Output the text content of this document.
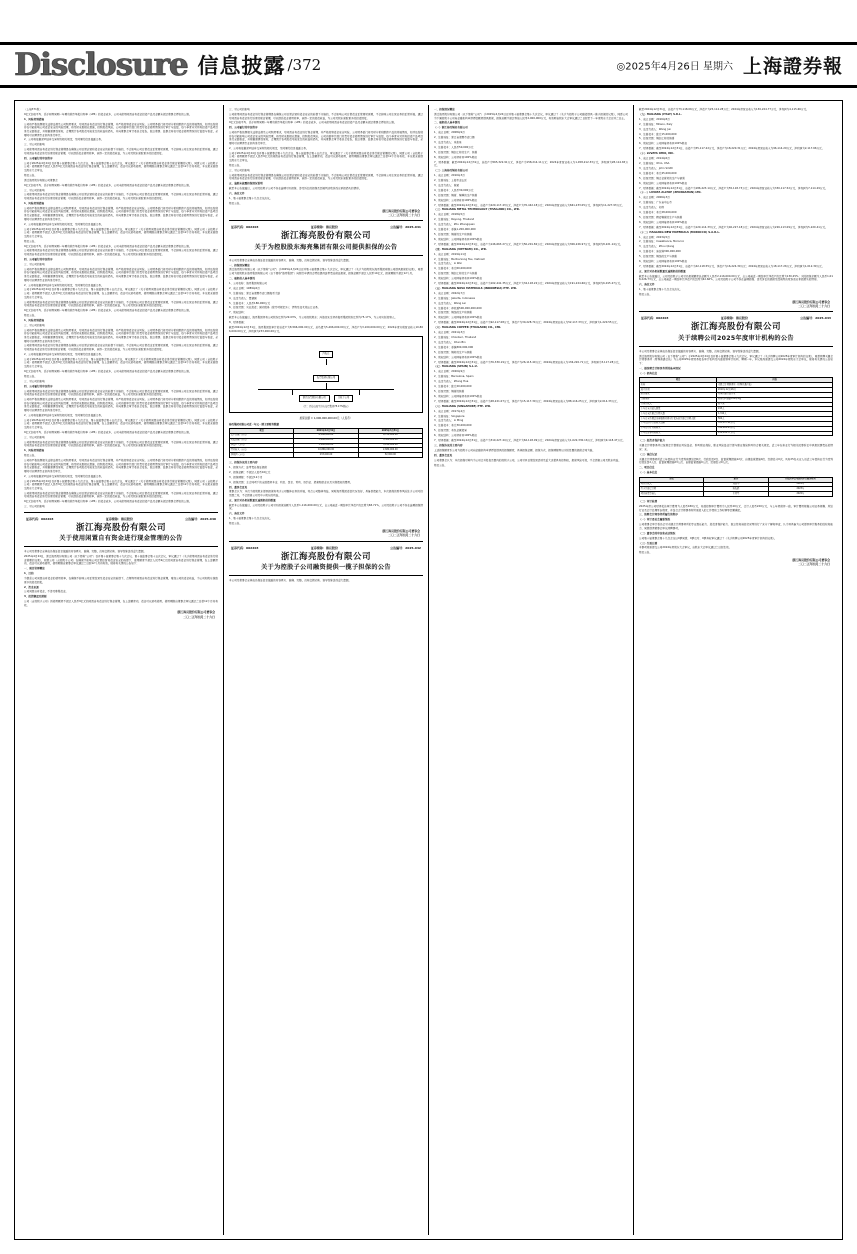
Disclosure 信息披露 /372	◎2025年4月26日 星期六 上海證券報

（上接371版）

9亿元加权平均、高于同等同期一年期贷款市场报价利率（LPR）的资金成本，公司未使用闲置自有资金投资产品及金额未超过董事会授权的上限。

1、风险控制措施

公司将严格按照相关法律法规及公司制度要求，对闲置自有资金进行现金管理，并严格控制资金安全风险。公司财务部门将及时分析和跟踪产品的进展情况，如评估发现存在可能影响公司资金安全的风险因素，将及时采取相应措施，控制投资风险。公司内部审计部门负责对资金使用情况进行审计与监督，每个季度末对所有投资产品项目进行全面检查，并根据谨慎性原则，合理预计各项投资可能发生的收益和损失，并向董事会审计委员会报告。独立董事、监事会有权对资金使用情况进行监督与检查，必要时可以聘请专业机构进行审计。

2、公司将依据深圳证券交易所的相关规定，及时履行信息披露义务。

三、对公司的影响

公司使用闲置自有资金进行现金管理是在确保公司日常运营和资金安全的前提下实施的，不会影响公司日常资金正常周转需要，不会影响公司主营业务的正常开展。通过对闲置自有资金进行适度的现金管理，可以提高资金使用效率，获得一定的投资收益，为公司及股东谋取更多的投资回报。

四、公司履行的审议程序

公司于2025年4月24日召开第十届董事会第十九次会议、第十届监事会第十五次会议，审议通过了《关于使用闲置自有资金进行现金管理的议案》，同意公司（含控股子公司）使用额度不超过人民币9亿元的闲置自有资金进行现金管理，在上述额度内，资金可以滚动使用，使用期限自董事会审议通过之日起12个月内有效。本议案无需提交股东大会审议。

特此公告。

浙江海亮股份有限公司董事会

9亿元加权平均、高于同等同期一年期贷款市场报价利率（LPR）的资金成本，公司未使用闲置自有资金投资产品及金额未超过董事会授权的上限。

三、对公司的影响

公司使用闲置自有资金进行现金管理是在确保公司日常运营和资金安全的前提下实施的，不会影响公司日常资金正常周转需要，不会影响公司主营业务的正常开展。通过对闲置自有资金进行适度的现金管理，可以提高资金使用效率，获得一定的投资收益，为公司及股东谋取更多的投资回报。

1、风险控制措施

公司将严格按照相关法律法规及公司制度要求，对闲置自有资金进行现金管理，并严格控制资金安全风险。公司财务部门将及时分析和跟踪产品的进展情况，如评估发现存在可能影响公司资金安全的风险因素，将及时采取相应措施，控制投资风险。公司内部审计部门负责对资金使用情况进行审计与监督，每个季度末对所有投资产品项目进行全面检查，并根据谨慎性原则，合理预计各项投资可能发生的收益和损失，并向董事会审计委员会报告。独立董事、监事会有权对资金使用情况进行监督与检查，必要时可以聘请专业机构进行审计。

2、公司将依据深圳证券交易所的相关规定，及时履行信息披露义务。

公司于2025年4月24日召开第十届董事会第十九次会议、第十届监事会第十五次会议，审议通过了《关于使用闲置自有资金进行现金管理的议案》，同意公司（含控股子公司）使用额度不超过人民币9亿元的闲置自有资金进行现金管理，在上述额度内，资金可以滚动使用，使用期限自董事会审议通过之日起12个月内有效。本议案无需提交股东大会审议。

特此公告。

9亿元加权平均、高于同等同期一年期贷款市场报价利率（LPR）的资金成本，公司未使用闲置自有资金投资产品及金额未超过董事会授权的上限。

公司使用闲置自有资金进行现金管理是在确保公司日常运营和资金安全的前提下实施的，不会影响公司日常资金正常周转需要，不会影响公司主营业务的正常开展。通过对闲置自有资金进行适度的现金管理，可以提高资金使用效率，获得一定的投资收益，为公司及股东谋取更多的投资回报。

四、公司履行的审议程序

三、对公司的影响

公司将严格按照相关法律法规及公司制度要求，对闲置自有资金进行现金管理，并严格控制资金安全风险。公司财务部门将及时分析和跟踪产品的进展情况，如评估发现存在可能影响公司资金安全的风险因素，将及时采取相应措施，控制投资风险。公司内部审计部门负责对资金使用情况进行审计与监督，每个季度末对所有投资产品项目进行全面检查，并根据谨慎性原则，合理预计各项投资可能发生的收益和损失，并向董事会审计委员会报告。独立董事、监事会有权对资金使用情况进行监督与检查，必要时可以聘请专业机构进行审计。

2、公司将依据深圳证券交易所的相关规定，及时履行信息披露义务。

公司于2025年4月24日召开第十届董事会第十九次会议、第十届监事会第十五次会议，审议通过了《关于使用闲置自有资金进行现金管理的议案》，同意公司（含控股子公司）使用额度不超过人民币9亿元的闲置自有资金进行现金管理，在上述额度内，资金可以滚动使用，使用期限自董事会审议通过之日起12个月内有效。本议案无需提交股东大会审议。

公司使用闲置自有资金进行现金管理是在确保公司日常运营和资金安全的前提下实施的，不会影响公司日常资金正常周转需要，不会影响公司主营业务的正常开展。通过对闲置自有资金进行适度的现金管理，可以提高资金使用效率，获得一定的投资收益，为公司及股东谋取更多的投资回报。

9亿元加权平均、高于同等同期一年期贷款市场报价利率（LPR）的资金成本，公司未使用闲置自有资金投资产品及金额未超过董事会授权的上限。

特此公告。

1、风险控制措施

三、对公司的影响

公司将严格按照相关法律法规及公司制度要求，对闲置自有资金进行现金管理，并严格控制资金安全风险。公司财务部门将及时分析和跟踪产品的进展情况，如评估发现存在可能影响公司资金安全的风险因素，将及时采取相应措施，控制投资风险。公司内部审计部门负责对资金使用情况进行审计与监督，每个季度末对所有投资产品项目进行全面检查，并根据谨慎性原则，合理预计各项投资可能发生的收益和损失，并向董事会审计委员会报告。独立董事、监事会有权对资金使用情况进行监督与检查，必要时可以聘请专业机构进行审计。

公司使用闲置自有资金进行现金管理是在确保公司日常运营和资金安全的前提下实施的，不会影响公司日常资金正常周转需要，不会影响公司主营业务的正常开展。通过对闲置自有资金进行适度的现金管理，可以提高资金使用效率，获得一定的投资收益，为公司及股东谋取更多的投资回报。

2、公司将依据深圳证券交易所的相关规定，及时履行信息披露义务。

公司于2025年4月24日召开第十届董事会第十九次会议、第十届监事会第十五次会议，审议通过了《关于使用闲置自有资金进行现金管理的议案》，同意公司（含控股子公司）使用额度不超过人民币9亿元的闲置自有资金进行现金管理，在上述额度内，资金可以滚动使用，使用期限自董事会审议通过之日起12个月内有效。本议案无需提交股东大会审议。

9亿元加权平均、高于同等同期一年期贷款市场报价利率（LPR）的资金成本，公司未使用闲置自有资金投资产品及金额未超过董事会授权的上限。

特此公告。

三、对公司的影响

四、公司履行的审议程序

公司使用闲置自有资金进行现金管理是在确保公司日常运营和资金安全的前提下实施的，不会影响公司日常资金正常周转需要，不会影响公司主营业务的正常开展。通过对闲置自有资金进行适度的现金管理，可以提高资金使用效率，获得一定的投资收益，为公司及股东谋取更多的投资回报。

公司将严格按照相关法律法规及公司制度要求，对闲置自有资金进行现金管理，并严格控制资金安全风险。公司财务部门将及时分析和跟踪产品的进展情况，如评估发现存在可能影响公司资金安全的风险因素，将及时采取相应措施，控制投资风险。公司内部审计部门负责对资金使用情况进行审计与监督，每个季度末对所有投资产品项目进行全面检查，并根据谨慎性原则，合理预计各项投资可能发生的收益和损失，并向董事会审计委员会报告。独立董事、监事会有权对资金使用情况进行监督与检查，必要时可以聘请专业机构进行审计。

2、公司将依据深圳证券交易所的相关规定，及时履行信息披露义务。

公司于2025年4月24日召开第十届董事会第十九次会议、第十届监事会第十五次会议，审议通过了《关于使用闲置自有资金进行现金管理的议案》，同意公司（含控股子公司）使用额度不超过人民币9亿元的闲置自有资金进行现金管理，在上述额度内，资金可以滚动使用，使用期限自董事会审议通过之日起12个月内有效。本议案无需提交股东大会审议。

9亿元加权平均、高于同等同期一年期贷款市场报价利率（LPR）的资金成本，公司未使用闲置自有资金投资产品及金额未超过董事会授权的上限。

三、对公司的影响

公司使用闲置自有资金进行现金管理是在确保公司日常运营和资金安全的前提下实施的，不会影响公司日常资金正常周转需要，不会影响公司主营业务的正常开展。通过对闲置自有资金进行适度的现金管理，可以提高资金使用效率，获得一定的投资收益，为公司及股东谋取更多的投资回报。

1、风险控制措施

特此公告。

公司将严格按照相关法律法规及公司制度要求，对闲置自有资金进行现金管理，并严格控制资金安全风险。公司财务部门将及时分析和跟踪产品的进展情况，如评估发现存在可能影响公司资金安全的风险因素，将及时采取相应措施，控制投资风险。公司内部审计部门负责对资金使用情况进行审计与监督，每个季度末对所有投资产品项目进行全面检查，并根据谨慎性原则，合理预计各项投资可能发生的收益和损失，并向董事会审计委员会报告。独立董事、监事会有权对资金使用情况进行监督与检查，必要时可以聘请专业机构进行审计。

2、公司将依据深圳证券交易所的相关规定，及时履行信息披露义务。

公司于2025年4月24日召开第十届董事会第十九次会议、第十届监事会第十五次会议，审议通过了《关于使用闲置自有资金进行现金管理的议案》，同意公司（含控股子公司）使用额度不超过人民币9亿元的闲置自有资金进行现金管理，在上述额度内，资金可以滚动使用，使用期限自董事会审议通过之日起12个月内有效。本议案无需提交股东大会审议。

公司使用闲置自有资金进行现金管理是在确保公司日常运营和资金安全的前提下实施的，不会影响公司日常资金正常周转需要，不会影响公司主营业务的正常开展。通过对闲置自有资金进行适度的现金管理，可以提高资金使用效率，获得一定的投资收益，为公司及股东谋取更多的投资回报。

9亿元加权平均、高于同等同期一年期贷款市场报价利率（LPR）的资金成本，公司未使用闲置自有资金投资产品及金额未超过董事会授权的上限。

三、对公司的影响

证券代码：002203	证券简称：海亮股份	公告编号：2025-040
浙江海亮股份有限公司
关于使用闲置自有资金进行现金管理的公告

本公司及董事会全体成员保证信息披露的内容真实、准确、完整，没有虚假记载、误导性陈述或重大遗漏。

2025年4月24日，浙江海亮股份有限公司（以下简称"公司"）召开第十届董事会第十九次会议、第十届监事会第十五次会议，审议通过了《关于使用闲置自有资金进行现金管理的议案》，同意公司（含控股子公司）在确保不影响公司正常经营和资金安全的前提下，使用额度不超过人民币9亿元的闲置自有资金进行现金管理，在上述额度内，资金可以滚动使用，使用期限自董事会审议通过之日起12个月内有效。现将有关情况公告如下：

一、现金管理概述

1、目的

为提高公司闲置自有资金的使用效率，在确保不影响公司正常经营及资金安全的前提下，合理利用闲置自有资金进行现金管理，增加公司的资金收益，为公司和股东谋取更多的投资回报。

2、资金来源

公司闲置自有资金，不涉及募集资金。

3、投资额度及期限

公司（含控股子公司）拟使用额度不超过人民币9亿元的闲置自有资金进行现金管理，在上述额度内，资金可以滚动使用。使用期限自董事会审议通过之日起12个月内有效。

浙江海亮股份有限公司董事会
二〇二五年四月二十六日

三、对公司的影响

公司使用闲置自有资金进行现金管理是在确保公司日常运营和资金安全的前提下实施的，不会影响公司日常资金正常周转需要，不会影响公司主营业务的正常开展。通过对闲置自有资金进行适度的现金管理，可以提高资金使用效率，获得一定的投资收益，为公司及股东谋取更多的投资回报。

9亿元加权平均、高于同等同期一年期贷款市场报价利率（LPR）的资金成本，公司未使用闲置自有资金投资产品及金额未超过董事会授权的上限。

四、公司履行的审议程序

公司将严格按照相关法律法规及公司制度要求，对闲置自有资金进行现金管理，并严格控制资金安全风险。公司财务部门将及时分析和跟踪产品的进展情况，如评估发现存在可能影响公司资金安全的风险因素，将及时采取相应措施，控制投资风险。公司内部审计部门负责对资金使用情况进行审计与监督，每个季度末对所有投资产品项目进行全面检查，并根据谨慎性原则，合理预计各项投资可能发生的收益和损失，并向董事会审计委员会报告。独立董事、监事会有权对资金使用情况进行监督与检查，必要时可以聘请专业机构进行审计。

2、公司将依据深圳证券交易所的相关规定，及时履行信息披露义务。

公司于2025年4月24日召开第十届董事会第十九次会议、第十届监事会第十五次会议，审议通过了《关于使用闲置自有资金进行现金管理的议案》，同意公司（含控股子公司）使用额度不超过人民币9亿元的闲置自有资金进行现金管理，在上述额度内，资金可以滚动使用，使用期限自董事会审议通过之日起12个月内有效。本议案无需提交股东大会审议。

特此公告。

三、对公司的影响

公司使用闲置自有资金进行现金管理是在确保公司日常运营和资金安全的前提下实施的，不会影响公司日常资金正常周转需要，不会影响公司主营业务的正常开展。通过对闲置自有资金进行适度的现金管理，可以提高资金使用效率，获得一定的投资收益，为公司及股东谋取更多的投资回报。

五、逾期未披露担保情况说明

截至本公告披露日，公司及控股子公司不存在逾期对外担保、涉及诉讼的担保及因被判决败诉而应承担损失的情形。

六、备查文件

1、第十届董事会第十九次会议决议。

特此公告。

浙江海亮股份有限公司董事会
二〇二五年四月二十六日
证券代码：002203	证券简称：海亮股份	公告编号：2025-041
浙江海亮股份有限公司
关于为控股股东海亮集团有限公司提供担保的公告

本公司及董事会全体成员保证信息披露的内容真实、准确、完整，没有虚假记载、误导性陈述或重大遗漏。

一、担保情况概述

浙江海亮股份有限公司（以下简称"公司"）于2025年4月24日召开第十届董事会第十九次会议，审议通过了《关于为控股股东海亮集团有限公司提供担保的议案》，同意公司为控股股东海亮集团有限公司（以下简称"海亮集团"）向银行申请综合授信提供连带责任保证担保，担保金额不超过人民币10亿元，担保期限不超过12个月。

二、被担保人基本情况

1、公司名称：海亮集团有限公司

2、成立日期：1989年6月

3、注册地址：浙江省诸暨市店口镇海亮大道

4、法定代表人：曹建国

5、注册资本：人民币180,000万元

6、经营范围：实业投资；国内贸易（除专项规定外）；货物及技术进出口业务。

7、股权结构：

截至本公告披露日，海亮集团持有公司股份比例为29.03%，为公司控股股东；冯海良先生持有海亮集团股份比例为75.17%，为公司实际控制人。

8、财务数据：

截至2024年12月31日，海亮集团经审计的总资产为8,566,000.00万元，总负债为5,466,000.00万元，净资产为3,100,000.00万元；2024年度实现营业收入10,866,000.00万元，净利润为233,000.00万元。

冯海良
海亮集团有限公司
浙江海亮股份有限公司	其他子公司
（注：冯海良先生持有海亮集团75.17%股权）
担保总额 = 1,000,000,000.00元（人民币）
海亮集团有限公司近一年又一期主要财务数据
项目	2024年12月31日	2025年3月31日
资产总额（万元）	8,566,000.00	8,720,000.00
负债总额（万元）	5,466,000.00	5,580,000.00
净资产（万元）	3,100,000.00	3,140,000.00
营业收入（万元）	10,866,000.00	2,680,000.00
净利润（万元）	233,000.00	52,000.00

三、担保协议的主要内容

1、担保方式：连带责任保证担保

2、担保金额：不超过人民币10亿元

3、担保期限：不超过12个月

4、担保范围：主合同项下的全部债务本金、利息、罚息、复利、违约金、损害赔偿金以及实现债权的费用。

四、董事会意见

董事会认为：本次为控股股东提供担保有利于公司整体业务的开展，符合公司整体利益，同时海亮集团资信状况良好，具备偿债能力，本次担保的财务风险处于公司可控范围之内，不会损害公司及中小股东的利益。

五、累计对外担保数量及逾期担保的数量

截至本公告披露日，公司及控股子公司对外担保总额为人民币1,116,000.00万元，占公司最近一期经审计净资产的比例为68.71%。公司及控股子公司不存在逾期担保情况。

六、备查文件

1、第十届董事会第十九次会议决议。

特此公告。

浙江海亮股份有限公司董事会
二〇二五年四月二十六日
证券代码：002203	证券简称：海亮股份	公告编号：2025-042
浙江海亮股份有限公司
关于为控股子公司融资提供一揽子担保的公告

本公司及董事会全体成员保证信息披露的内容真实、准确、完整，没有虚假记载、误导性陈述或重大遗漏。

一、担保情况概述

浙江海亮股份有限公司（以下简称"公司"）于2025年4月24日召开第十届董事会第十九次会议，审议通过了《关于为控股子公司融资提供一揽子担保的议案》，同意公司为下属控股子公司向金融机构申请授信额度提供担保，担保总额不超过等值人民币2,000,000万元，有效期自股东大会审议通过之日起至下一年度股东大会召开之日止。

二、被担保人基本情况

（一）浙江海亮铜业有限公司

1、成立日期：2008年9月

2、注册地址：浙江省诸暨市店口镇

3、法定代表人：朱张泉

4、注册资本：人民币50,000万元

5、经营范围：铜加工材的生产、销售

6、股权结构：公司持有其100%股权

7、财务数据：截至2024年12月31日，总资产为565,322.91万元，净资产为158,214.11万元；2024年度营业收入为1,458,212.33万元，净利润为28,114.65万元。

（二）上海海亮铜业有限公司

1、成立日期：2010年3月

2、注册地址：上海市金山区

3、法定代表人：陈斌

4、注册资本：人民币30,000万元

5、经营范围：铜管、铜棒的生产销售

6、股权结构：公司持有其100%股权

7、财务数据：截至2024年12月31日，总资产为220,117.43万元，净资产为70,442.18万元；2024年度营业收入为661,233.05万元，净利润为11,227.93万元。

（三）HAILIANG METAL TECHNOLOGY (THAILAND) CO., LTD.

1、成立日期：2018年5月

2、注册地址：Rayong, Thailand

3、法定代表人：Zhu Zhangquan

4、注册资本：泰铢1,200,000,000

5、经营范围：铜管的生产和销售

6、股权结构：公司间接持有其100%股权

7、财务数据：截至2024年12月31日，总资产为146,663.27万元，净资产为50,201.82万元；2024年度营业收入为306,226.97万元，净利润为8,221.14万元。

（四）HAILIANG (VIETNAM) CO., LTD.

1、成立日期：2019年11月

2、注册地址：Ba Ria-Vung Tau, Vietnam

3、法定代表人：Li Wei

4、注册资本：美元60,000,000

5、经营范围：铜加工材的生产与销售

6、股权结构：公司间接持有其100%股权

7、财务数据：截至2024年12月31日，总资产为102,441.35万元，净资产为34,118.22万元；2024年度营业收入为191,224.66万元，净利润为6,015.27万元。

（五）HAILIANG NOVA MATERIALS (INDONESIA) PTE. LTD.

1、成立日期：2022年7月

2、注册地址：Jakarta, Indonesia

3、法定代表人：Wang Lei

4、注册资本：印尼盾500,000,000,000

5、经营范围：铜箔的生产和销售

6、股权结构：公司间接持有其100%股权

7、财务数据：截至2024年12月31日，总资产为92,117.08万元，净资产为30,228.74万元；2024年度营业收入为52,117.33万元，净利润为1,220.55万元。

（六）HAILIANG COPPER (THAILAND) CO., LTD.

1、成立日期：2021年3月

2、注册地址：Chonburi, Thailand

3、法定代表人：Chen Bin

4、注册资本：泰铢800,000,000

5、经营范围：铜材的生产与销售

6、股权结构：公司间接持有其100%股权

7、财务数据：截至2024年12月31日，总资产为76,330.19万元，净资产为26,115.40万元；2024年度营业收入为136,220.71万元，净利润为3,117.28万元。

（七）HAILIANG (SPAIN) S.L.U.

1、成立日期：2020年9月

2、注册地址：Barcelona, Spain

3、法定代表人：Zhang Hua

4、注册资本：欧元20,000,000

5、经营范围：铜管的销售

6、股权结构：公司间接持有其100%股权

7、财务数据：截至2024年12月31日，总资产为48,221.07万元，净资产为15,117.30万元；2024年度营业收入为88,116.25万元，净利润为2,014.33万元。

（八）HAILIANG (SINGAPORE) PTE. LTD.

1、成立日期：2017年4月

2、注册地址：Singapore

3、法定代表人：Li Ming

4、注册资本：美元30,000,000

5、经营范围：有色金属贸易

6、股权结构：公司持有其100%股权

7、财务数据：截至2024年12月31日，总资产为310,227.44万元，净资产为62,118.09万元；2024年度营业收入为1,022,330.16万元，净利润为9,118.47万元。

三、担保协议的主要内容

上述担保额度系公司为控股子公司向金融机构申请授信提供的担保额度，具体担保金额、担保方式、担保期限等以实际签署的担保合同为准。

四、董事会意见

公司董事会认为：本次担保对象均为公司合并报表范围内的控股子公司，公司对其日常经营活动及重大决策具有控制权，担保风险可控，不会损害公司及股东利益。

特此公告。

截至2024年12月31日，总资产为73,118.06万元，净资产为25,114.28万元；2024年度营业收入为130,224.77万元，净利润为4,115.66万元。

（九）HAILIANG (ITALY) S.R.L.

1、成立日期：2016年8月

2、注册地址：Milano, Italy

3、法定代表人：Wang Jun

4、注册资本：欧元15,000,000

5、经营范围：铜加工材的销售

6、股权结构：公司间接持有其100%股权

7、财务数据：截至2024年12月31日，总资产为55,117.22万元，净资产为18,220.31万元；2024年度营业收入为96,114.20万元，净利润为2,117.66万元。

（十）LUVATA OHIO, INC.

1、成立日期：2014年6月

2、注册地址：Ohio, USA

3、法定代表人：John Smith

4、注册资本：美元45,000,000

5、经营范围：铜合金管材的生产与销售

6、股权结构：公司间接持有其100%股权

7、财务数据：截至2024年12月31日，总资产为186,223.14万元，净资产为55,118.73万元；2024年度营业收入为330,117.52万元，净利润为7,114.29万元。

（十一）LUVATA ALLTOP (ZHONGSHAN) LTD.

1、成立日期：2006年3月

2、注册地址：广东省中山市

3、法定代表人：刘伟

4、注册资本：美元28,000,000

5、经营范围：精密铜管的生产与销售

6、股权结构：公司间接持有其100%股权

7、财务数据：截至2024年12月31日，总资产为120,114.33万元，净资产为40,227.18万元；2024年度营业收入为226,113.09万元，净利润为5,220.41万元。

（十二）HAILIANG NEW MATERIALS (MOROCCO) S.A.R.L.

1、成立日期：2023年5月

2、注册地址：Casablanca, Morocco

3、法定代表人：Zhou Qiang

4、注册资本：迪拉姆300,000,000

5、经营范围：铜箔的生产与销售

6、股权结构：公司间接持有其100%股权

7、财务数据：截至2024年12月31日，总资产为42,118.55万元，净资产为16,224.30万元；2024年度营业收入为18,117.26万元，净利润为1,012.39万元。

五、累计对外担保数量及逾期担保的数量

截至本公告披露日，公司及控股子公司对外担保额度总金额为人民币2,116,000.00万元，占公司最近一期经审计净资产的比例为130.25%；实际担保余额为人民币1,018,226.73万元，占公司最近一期经审计净资产的比例为62.66%。公司及控股子公司不存在逾期担保、涉及诉讼的担保及因被判决败诉而应承担损失的情形。

六、备查文件

1、第十届董事会第十九次会议决议。

特此公告。

浙江海亮股份有限公司董事会
二〇二五年四月二十六日
证券代码：002203	证券简称：海亮股份	公告编号：2025-043
浙江海亮股份有限公司
关于续聘公司2025年度审计机构的公告

本公司及董事会全体成员保证信息披露的内容真实、准确、完整，没有虚假记载、误导性陈述或重大遗漏。

浙江海亮股份有限公司（以下简称"公司"）于2025年4月24日召开第十届董事会第十九次会议，审议通过了《关于续聘公司2025年度审计机构的议案》，同意续聘天健会计师事务所（特殊普通合伙）为公司2025年度财务报告审计机构及内部控制审计机构，聘期一年。本议案尚需提交公司2024年度股东大会审议。现将有关情况公告如下：

一、拟续聘会计师事务所的基本情况

（一）机构信息

项目	内容
名称	天健会计师事务所（特殊普通合伙）
成立日期	2010年12月16日
组织形式	特殊普通合伙企业
注册地址	杭州市西溪路128号9楼
首席合伙人	胡少先
上年度末合伙人数量	243人
上年度末注册会计师人数	1,312人
上年度末签署过证券服务业务审计报告的注册会计师人数	562人
上年度经审计的收入总额	353,117.22万元
上年度审计业务收入	318,226.05万元
上年度证券业务收入	132,114.77万元

（二）投资者保护能力

天健会计师事务所已按规定计提职业风险基金、购买职业保险，职业风险基金计提与职业保险购买符合相关规定。近三年在执业行为相关民事诉讼中承担民事责任的情况：无。

（三）诚信记录

天健会计师事务所近三年因执业行为受到刑事处罚0次、行政处罚2次、监督管理措施12次、自律监管措施0次、纪律处分0次。共有25名从业人员近三年因执业行为受到行政处罚2人次、监督管理措施23人次、自律监管措施0人次、纪律处分0人次。

二、项目信息

（一）基本信息

姓名	职务	开始为本公司提供审计服务时间
项目合伙人	周建华	2022年
签字注册会计师	陈海峰	2023年
项目质量复核人	王亚军	2022年

（二）审计收费

2025年度公司财务报告审计费用为人民币180万元，内部控制审计费用为人民币40万元，合计人民币220万元，与上年度保持一致。审计费用根据公司业务规模、所处行业及会计处理复杂程度，并结合会计师事务所所需投入的工作量和工作时间等因素确定。

三、续聘会计师事务所履行的程序

（一）审计委员会履职情况

公司董事会审计委员会对天健会计师事务所的专业胜任能力、投资者保护能力、独立性和诚信状况等进行了充分了解和审查，认为其具备为公司提供审计服务的经验和能力，同意提请董事会审议续聘事项。

（二）董事会的审议和表决情况

公司第十届董事会第十九次会议以9票同意、0票反对、0票弃权审议通过了《关于续聘公司2025年度审计机构的议案》。

（三）生效日期

本事项尚需提交公司2024年度股东大会审议，自股东大会审议通过之日起生效。

特此公告。

浙江海亮股份有限公司董事会
二〇二五年四月二十六日
